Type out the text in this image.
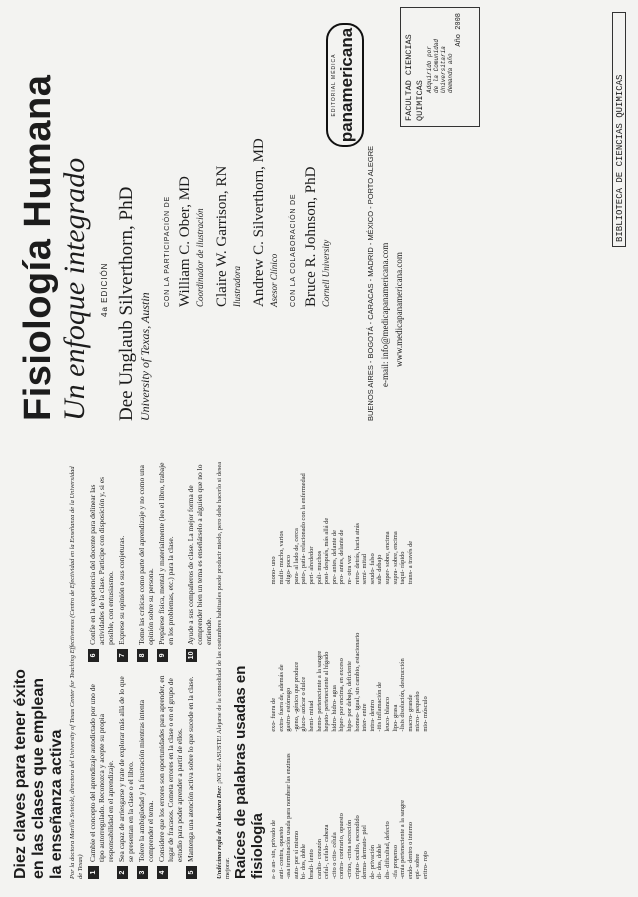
Diez claves para tener éxito en las clases que emplean la enseñanza activa Por la doctora Marilla Svinicki, directora del University of Texas Center for Teaching Effectiveness (Centro de Efectividad en la Enseñanza de la Universidad de Texas) 1
Cambie el concepto del aprendizaje autodictado por uno de tipo autorregulado. Reconozca y acepte su propia responsabilidad en el aprendizaje.
2
Sea capaz de arriesgarse y trate de explorar más allá de lo que se presentan en la clase o el libro.
3
Tolere la ambigüedad y la frustración mientras intenta comprender el tema.
4
Considere que los errores son oportunidades para aprender, en lugar de fracasos. Cometa errores en la clase o en el grupo de estudio para poder aprender a partir de ellos.
5
Mantenga una atención activa sobre lo que sucede en la clase.
6
Confíe en la experiencia del docente para delinear las actividades de la clase. Participe con disposición y, si es posible, con entusiasmo.
7
Exprese su opinión o sus conjeturas.
8
Tome las críticas como parte del aprendizaje y no como una opinión sobre su persona.
9
Prepárese física, mental y materialmente (lea el libro, trabaje en los problemas, etc.) para la clase.
10
Ayude a sus compañeros de clase. La mejor forma de comprender bien un tema es enseñárselo a alguien que no lo entiende.
Undécima regla de la doctora Dee: ¡NO SE ASUSTE! Alejarse de la comodidad de las costumbres habituales puede producir miedo, pero debe hacerlo si desea mejorar. Raíces de palabras usadas en fisiología a- o an- sin, privado de anti- contra, opuesto -asa terminación usada para nombrar las enzimas auto- por sí mismo bi- dos, doble bradi- lento cardio- corazón cefal-, cefalo- cabeza -cito o cito- célula contra- contrario, opuesto -crino, -crina secreción cripto- oculto, escondido derma- dermato- piel de- privación di- dos, doble dis- dificultad, defecto -ifa propenso -emia perteneciente a la sangre endo- dentro o interno epi- sobre eritro- rojo
exo- fuera de extra- fuera de, además de gastro- estómago -geno, -génico que produce gluco- azúcar o dulce hemi- mitad hemo- perteneciente a la sangre hepato- perteneciente al hígado hidro- hidro- agua hiper- por encima, en exceso hipo- por debajo, deficiente homeo- igual, sin cambio, estacionario inter- entre intra- dentro -itis inflamación de leuco- blanco lipo- grasa -lisis disolución, destrucción macro- grande micro- pequeño mio- músculo
mono- uno multi- mucho, varios oligo- poco para- al lado de, cerca pato-, patía- relacionado con la enfermedad peri- alrededor poli- muchos post- después, más allá de pre- antes, delante de pro- antes, delante de re- otra vez retro- detrás, hacia atrás semi- mitad seudo- falso sub- debajo super- sobre, encima supra- sobre, encima taqui- rápido trans- a través de
Fisiología Humana Un enfoque integrado 4a EDICIÓN Dee Unglaub Silverthorn, PhD University of Texas, Austin
CON LA PARTICIPACIÓN DE William C. Ober, MD Coordinador de ilustración Claire W. Garrison, RN Ilustradora Andrew C. Silverthorn, MD Asesor Clínico CON LA COLABORACIÓN DE Bruce R. Johnson, PhD Cornell University
EDITORIAL MÉDICA panamericana
BUENOS AIRES - BOGOTÁ - CARACAS - MADRID - MÉXICO - PORTO ALEGRE e-mail: info@medicapanamericana.com www.medicapanamericana.com
FACULTAD CIENCIAS QUIMICAS
Adquirido por de la Comunidad Universitaria demanda año
Año 2008
BIBLIOTECA DE CIENCIAS QUIMICAS
